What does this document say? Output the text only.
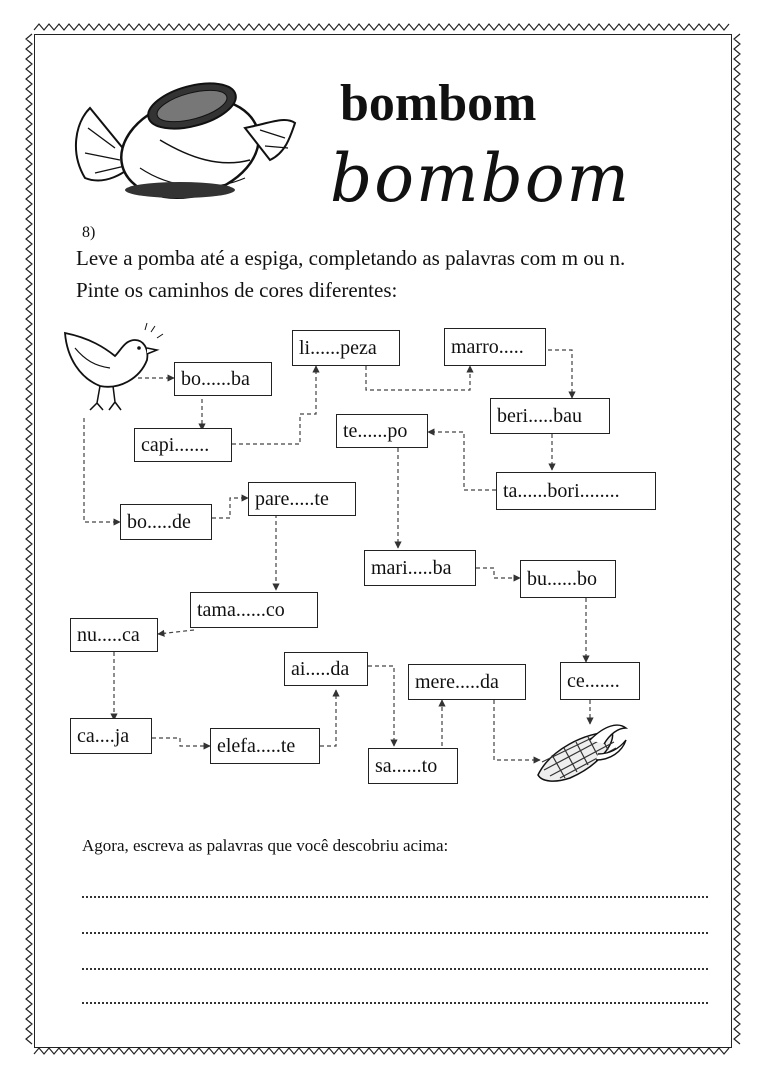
bombom
bombom
8)
Leve a pomba até a espiga, completando as palavras com m ou n.
Pinte os caminhos de cores diferentes:
bo......ba
li......peza	marro.....
capi.......
beri.....bau
te......po
ta......bori........
bo.....de
pare.....te
mari.....ba	bu......bo
tama......co
nu.....ca
ai.....da
mere.....da	ce.......
ca....ja	elefa.....te
sa......to
Agora, escreva as palavras que você descobriu acima:
